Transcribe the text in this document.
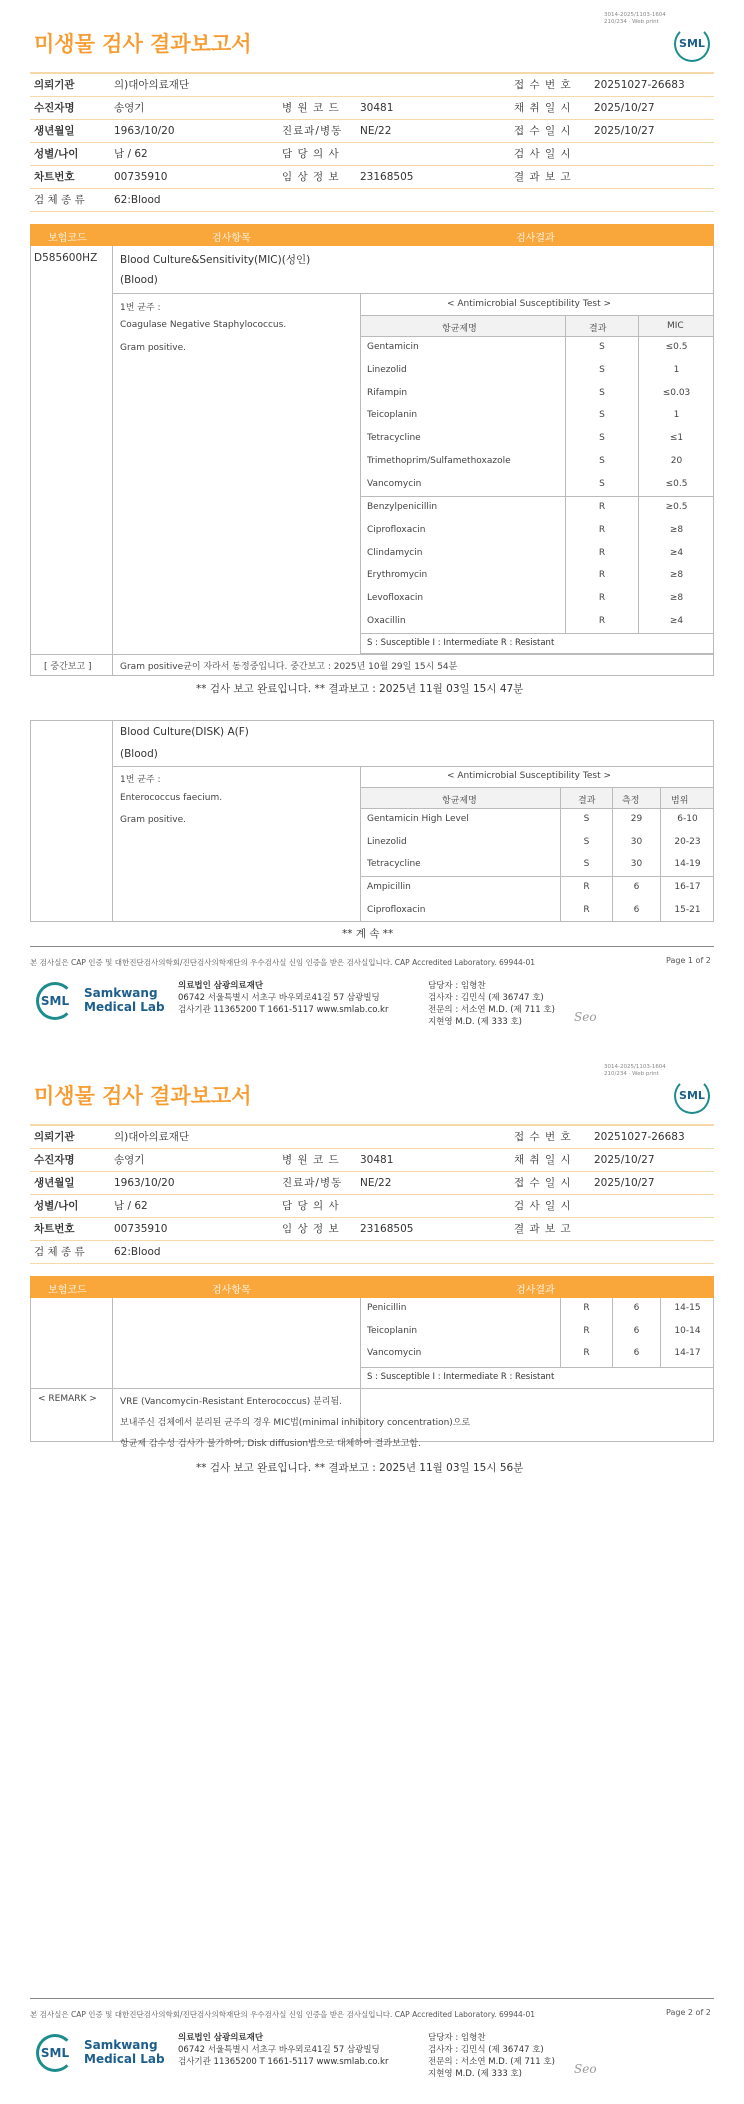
3014-2025/1103-1604
210/234 · Web print
미생물 검사 결과보고서	SML
의뢰기관	의)대아의료재단			접 수 번 호	20251027-26683
수진자명	송영기	병 원 코 드	30481	채 취 일 시	2025/10/27
생년월일	1963/10/20	진료과/병동	NE/22	접 수 일 시	2025/10/27
성별/나이	남 / 62	담 당 의 사		검 사 일 시	
차트번호	00735910	임 상 정 보	23168505	결 과 보 고	
검 체 종 류	62:Blood				
보험코드	검사항목	검사결과
D585600HZ Blood Culture&Sensitivity(MIC)(성인)
(Blood)
1번 균주 :
Coagulase Negative Staphylococcus.
Gram positive.
< Antimicrobial Susceptibility Test >
항균제명	결과	MIC
Gentamicin	S	≤0.5
Linezolid	S	1
Rifampin	S	≤0.03
Teicoplanin	S	1
Tetracycline	S	≤1
Trimethoprim/Sulfamethoxazole	S	20
Vancomycin	S	≤0.5
Benzylpenicillin	R	≥0.5
Ciprofloxacin	R	≥8
Clindamycin	R	≥4
Erythromycin	R	≥8
Levofloxacin	R	≥8
Oxacillin	R	≥4
S : Susceptible I : Intermediate R : Resistant
[ 중간보고 ]	Gram positive균이 자라서 동정중입니다. 중간보고 : 2025년 10월 29일 15시 54분
** 검사 보고 완료입니다. ** 결과보고 : 2025년 11월 03일 15시 47분
Blood Culture(DISK) A(F)
(Blood)
1번 균주 :
Enterococcus faecium.
Gram positive.
< Antimicrobial Susceptibility Test >
항균제명	결과	측정	범위
Gentamicin High Level	S	29	6-10
Linezolid	S	30	20-23
Tetracycline	S	30	14-19
Ampicillin	R	6	16-17
Ciprofloxacin	R	6	15-21
** 계 속 **
본 검사실은 CAP 인증 및 대한진단검사의학회/진단검사의학재단의 우수검사실 신임 인증을 받은 검사실입니다. CAP Accredited Laboratory. 69944-01	Page 1 of 2
SML
Samkwang
Medical Lab
의료법인 삼광의료재단
06742 서울특별시 서초구 바우뫼로41길 57 삼광빌딩
검사기관 11365200 T 1661-5117 www.smlab.co.kr
담당자 : 임형찬
검사자 : 김민식 (제 36747 호)
전문의 : 서소연 M.D. (제 711 호)
지현영 M.D. (제 333 호)	Seo
3014-2025/1103-1604
210/234 · Web print
미생물 검사 결과보고서	SML
의뢰기관	의)대아의료재단			접 수 번 호	20251027-26683
수진자명	송영기	병 원 코 드	30481	채 취 일 시	2025/10/27
생년월일	1963/10/20	진료과/병동	NE/22	접 수 일 시	2025/10/27
성별/나이	남 / 62	담 당 의 사		검 사 일 시	
차트번호	00735910	임 상 정 보	23168505	결 과 보 고	
검 체 종 류	62:Blood				
보험코드	검사항목	검사결과
Penicillin	R	6	14-15
Teicoplanin	R	6	10-14
Vancomycin	R	6	14-17
S : Susceptible I : Intermediate R : Resistant
< REMARK >	VRE (Vancomycin-Resistant Enterococcus) 분리됨.
보내주신 검체에서 분리된 균주의 경우 MIC법(minimal inhibitory concentration)으로
항균제 감수성 검사가 불가하여, Disk diffusion법으로 대체하여 결과보고함.
** 검사 보고 완료입니다. ** 결과보고 : 2025년 11월 03일 15시 56분
본 검사실은 CAP 인증 및 대한진단검사의학회/진단검사의학재단의 우수검사실 신임 인증을 받은 검사실입니다. CAP Accredited Laboratory. 69944-01	Page 2 of 2
SML
Samkwang
Medical Lab
의료법인 삼광의료재단
06742 서울특별시 서초구 바우뫼로41길 57 삼광빌딩
검사기관 11365200 T 1661-5117 www.smlab.co.kr
담당자 : 임형찬
검사자 : 김민식 (제 36747 호)
전문의 : 서소연 M.D. (제 711 호)
지현영 M.D. (제 333 호)	Seo
